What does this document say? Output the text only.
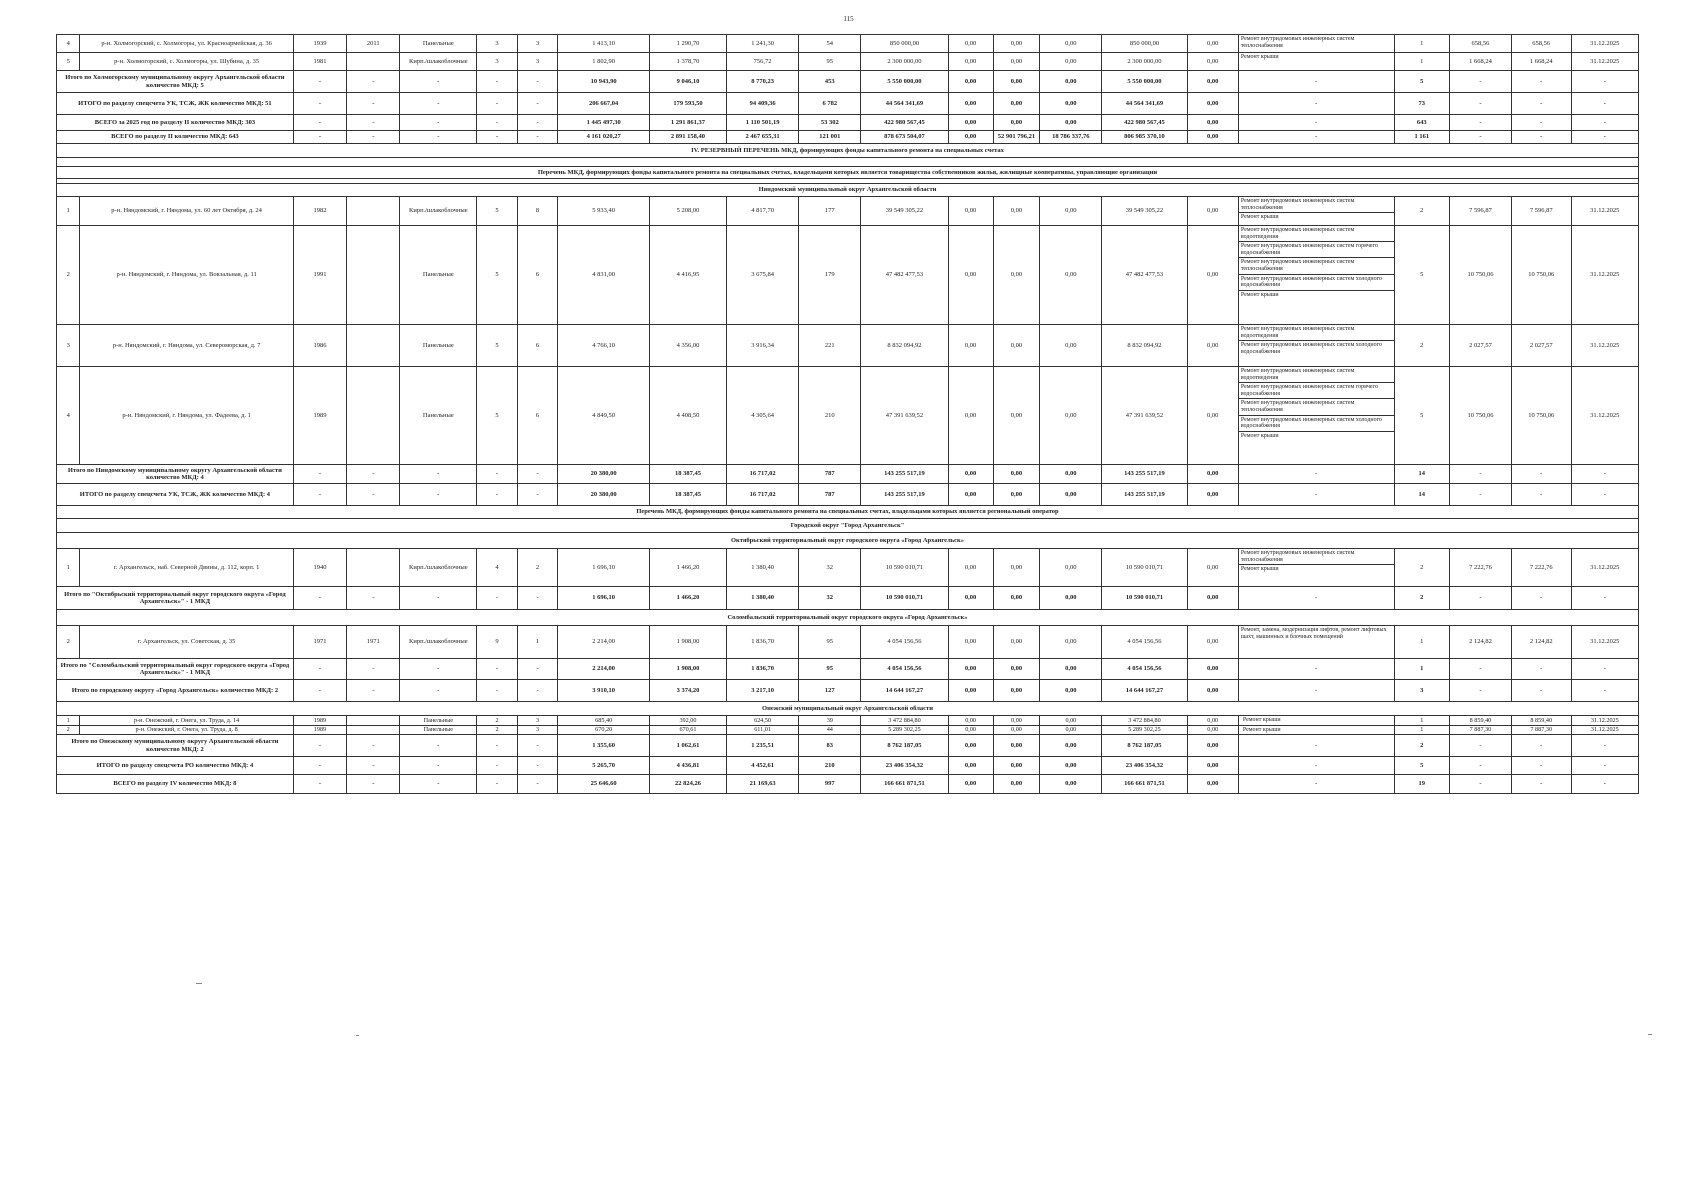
115
4	р-н. Холмогорский, с. Холмогоры, ул. Красноармейская, д. 36	1939	2011	Панельные	3	3	1 413,10	1 290,70	1 241,30	54	850 000,00	0,00	0,00	0,00	850 000,00	0,00	Ремонт внутридомовых инженерных систем теплоснабжения	1	658,56	658,56	31.12.2025
5	р-н. Холмогорский, с. Холмогоры, ул. Шубина, д. 35	1981		Кирп./шлакоблочные	3	3	1 802,90	1 378,70	756,72	95	2 300 000,00	0,00	0,00	0,00	2 300 000,00	0,00	Ремонт крыши	1	1 668,24	1 668,24	31.12.2025
Итого по Холмогорскому муниципальному округу Архангельской области количество МКД: 5		-	-	-	-	-	10 943,90	9 046,10	8 770,23	453	5 550 000,00	0,00	0,00	0,00	5 550 000,00	0,00	-	5	-	-	-
ИТОГО по разделу спецсчета УК, ТСЖ, ЖК количество МКД: 51		-	-	-	-	-	206 667,04	179 593,50	94 409,36	6 782	44 564 341,69	0,00	0,00	0,00	44 564 341,69	0,00	-	73	-	-	-
ВСЕГО за 2025 год по разделу II количество МКД: 303		-	-	-	-	-	1 445 497,30	1 291 861,37	1 110 501,19	53 302	422 980 567,45	0,00	0,00	0,00	422 980 567,45	0,00	-	643	-	-	-
ВСЕГО по разделу II количество МКД: 643		-	-	-	-	-	4 161 020,27	2 891 158,40	2 467 655,31	121 001	878 673 504,07	0,00	52 901 796,21	18 786 337,76	806 985 370,10	0,00	-	1 161	-	-	-
IV. РЕЗЕРВНЫЙ ПЕРЕЧЕНЬ МКД, формирующих фонды капитального ремонта на специальных счетах																					

Перечень МКД, формирующих фонды капитального ремонта на специальных счетах, владельцами которых является товарищества собственников жилья, жилищные кооперативы, управляющие организации																					

Няндомский муниципальный округ Архангельской области																					
1	р-н. Няндомский, г. Няндома, ул. 60 лет Октября, д. 24	1982		Кирп./шлакоблочные	5	8	5 933,40	5 208,00	4 817,70	177	39 549 305,22	0,00	0,00	0,00	39 549 305,22	0,00	Ремонт внутридомовых инженерных систем теплоснабжения
Ремонт крыши	2	7 596,87	7 596,87	31.12.2025
2	р-н. Няндомский, г. Няндома, ул. Вокзальная, д. 11	1991		Панельные	5	6	4 831,00	4 416,95	3 675,84	179	47 482 477,53	0,00	0,00	0,00	47 482 477,53	0,00	Ремонт внутридомовых инженерных систем водоотведения
Ремонт внутридомовых инженерных систем горячего водоснабжения
Ремонт внутридомовых инженерных систем теплоснабжения
Ремонт внутридомовых инженерных систем холодного водоснабжения
Ремонт крыши	5	10 750,06	10 750,06	31.12.2025
3	р-н. Няндомский, г. Няндома, ул. Североморская, д. 7	1986		Панельные	5	6	4 766,10	4 356,00	3 916,34	221	8 832 094,92	0,00	0,00	0,00	8 832 094,92	0,00	Ремонт внутридомовых инженерных систем водоотведения
Ремонт внутридомовых инженерных систем холодного водоснабжения	2	2 027,57	2 027,57	31.12.2025
4	р-н. Няндомский, г. Няндома, ул. Фадеева, д. 1	1989		Панельные	5	6	4 849,50	4 408,50	4 305,64	210	47 391 639,52	0,00	0,00	0,00	47 391 639,52	0,00	Ремонт внутридомовых инженерных систем водоотведения
Ремонт внутридомовых инженерных систем горячего водоснабжения
Ремонт внутридомовых инженерных систем теплоснабжения
Ремонт внутридомовых инженерных систем холодного водоснабжения
Ремонт крыши	5	10 750,06	10 750,06	31.12.2025
Итого по Няндомскому муниципальному округу Архангельской области количество МКД: 4		-	-	-	-	-	20 380,00	18 387,45	16 717,02	787	143 255 517,19	0,00	0,00	0,00	143 255 517,19	0,00	-	14	-	-	-
ИТОГО по разделу спецсчета УК, ТСЖ, ЖК количество МКД: 4		-	-	-	-	-	20 380,00	18 387,45	16 717,02	787	143 255 517,19	0,00	0,00	0,00	143 255 517,19	0,00	-	14	-	-	-
Перечень МКД, формирующих фонды капитального ремонта на специальных счетах, владельцами которых является региональный оператор																					
Городской округ "Город Архангельск"																					
Октябрьский территориальный округ городского округа «Город Архангельск»																					
1	г. Архангельск, наб. Северной Двины, д. 112, корп. 1	1940		Кирп./шлакоблочные	4	2	1 696,10	1 466,20	1 380,40	32	10 590 010,71	0,00	0,00	0,00	10 590 010,71	0,00	Ремонт внутридомовых инженерных систем теплоснабжения
Ремонт крыши	2	7 222,76	7 222,76	31.12.2025
Итого по "Октябрьский территориальный округ городского округа «Город Архангельск»" - 1 МКД		-	-	-	-	-	1 696,10	1 466,20	1 380,40	32	10 590 010,71	0,00	0,00	0,00	10 590 010,71	0,00	-	2	-	-	-
Соломбальский территориальный округ городского округа «Город Архангельск»																					
2	г. Архангельск, ул. Советская, д. 35	1971	1971	Кирп./шлакоблочные	9	1	2 214,00	1 908,00	1 836,70	95	4 054 156,56	0,00	0,00	0,00	4 054 156,56	0,00	Ремонт, замена, модернизация лифтов, ремонт лифтовых шахт, машинных и блочных помещений	1	2 124,82	2 124,82	31.12.2025
Итого по "Соломбальский территориальный округ городского округа «Город Архангельск»" - 1 МКД		-	-	-	-	-	2 214,00	1 908,00	1 836,70	95	4 054 156,56	0,00	0,00	0,00	4 054 156,56	0,00	-	1	-	-	-
Итого по городскому округу «Город Архангельск» количество МКД: 2		-	-	-	-	-	3 910,10	3 374,20	3 217,10	127	14 644 167,27	0,00	0,00	0,00	14 644 167,27	0,00	-	3	-	-	-
Онежский муниципальный округ Архангельской области																					
1	р-н. Онежский, г. Онега, ул. Труда, д. 14	1989		Панельные	2	3	685,40	392,00	624,50	39	3 472 884,80	0,00	0,00	0,00	3 472 884,80	0,00	Ремонт крыши	1	8 859,40	8 859,40	31.12.2025
2	р-н. Онежский, г. Онега, ул. Труда, д. 8	1989		Панельные	2	3	670,20	670,61	611,01	44	5 289 302,25	0,00	0,00	0,00	5 289 302,25	0,00	Ремонт крыши	1	7 887,30	7 887,30	31.12.2025
Итого по Онежскому муниципальному округу Архангельской области количество МКД: 2		-	-	-	-	-	1 355,60	1 062,61	1 235,51	83	8 762 187,05	0,00	0,00	0,00	8 762 187,05	0,00	-	2	-	-	-
ИТОГО по разделу спецсчета РО количество МКД: 4		-	-	-	-	-	5 265,70	4 436,81	4 452,61	210	23 406 354,32	0,00	0,00	0,00	23 406 354,32	0,00	-	5	-	-	-
ВСЕГО по разделу IV количество МКД: 8		-	-	-	-	-	25 646,60	22 824,26	21 169,63	997	166 661 871,51	0,00	0,00	0,00	166 661 871,51	0,00	-	19	-	-	-
